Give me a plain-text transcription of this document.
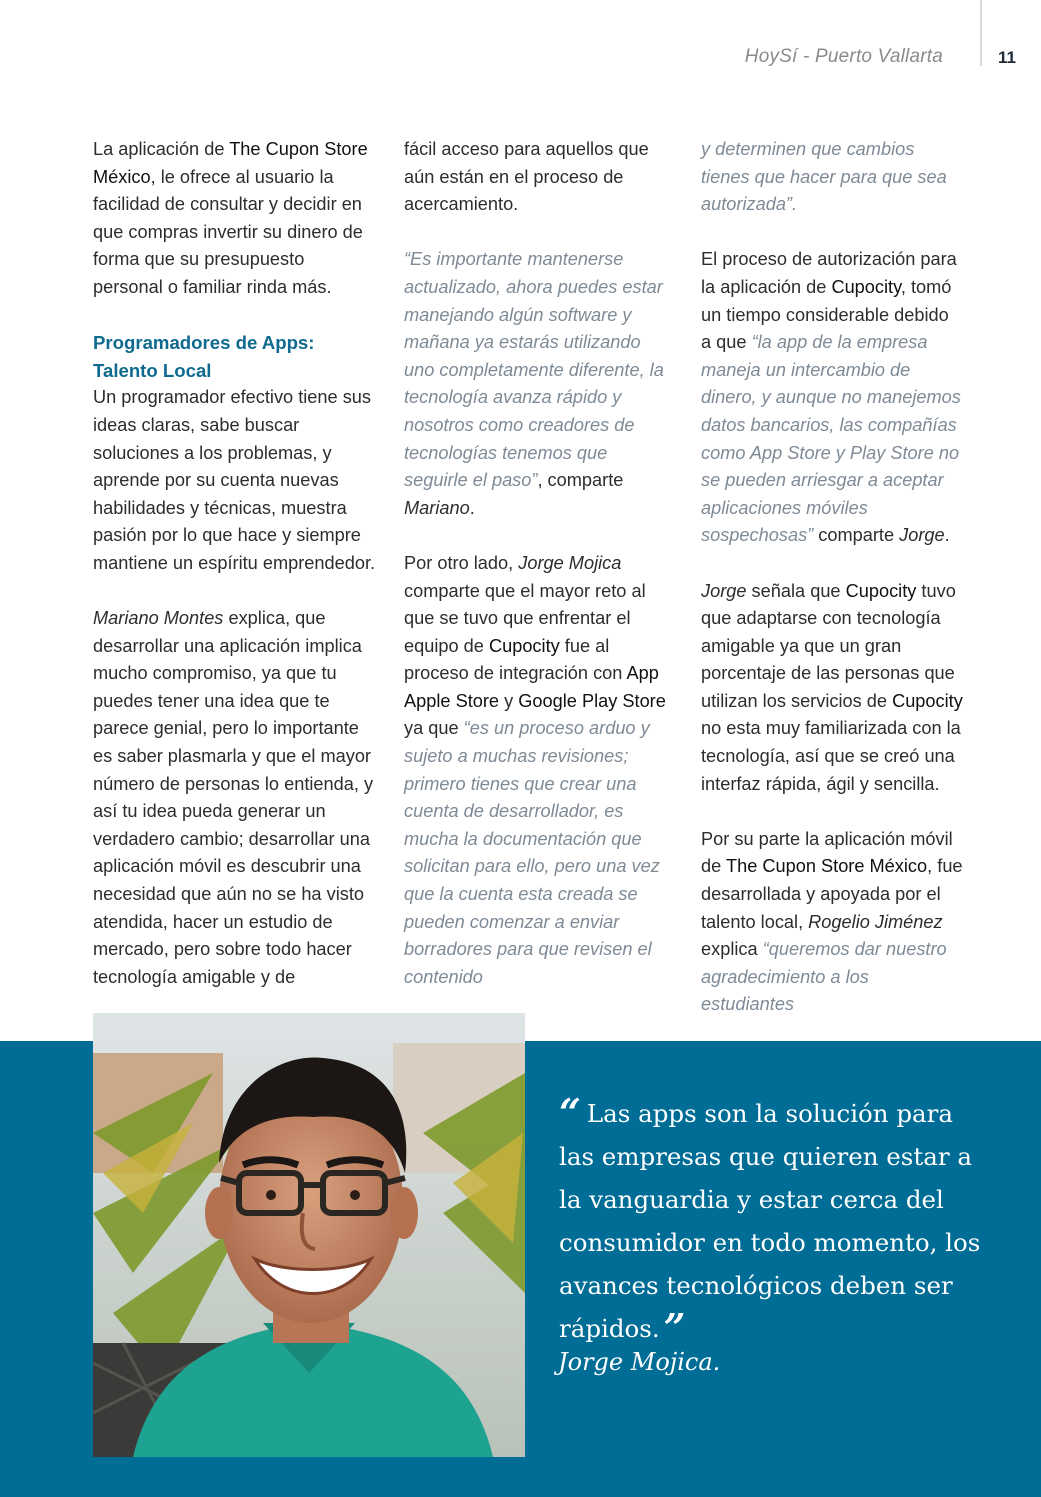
HoySí - Puerto Vallarta	11

La aplicación de The Cupon Store México, le ofrece al usuario la facilidad de consultar y decidir en que compras invertir su dinero de forma que su presupuesto personal o familiar rinda más.

Programadores de Apps:
Talento Local

Un programador efectivo tiene sus ideas claras, sabe buscar soluciones a los problemas, y aprende por su cuenta nuevas habilidades y técnicas, muestra pasión por lo que hace y siempre mantiene un espíritu emprendedor.

Mariano Montes explica, que desarrollar una aplicación implica mucho compromiso, ya que tu puedes tener una idea que te parece genial, pero lo importante es saber plasmarla y que el mayor número de personas lo entienda, y así tu idea pueda generar un verdadero cambio; desarrollar una aplicación móvil es descubrir una necesidad que aún no se ha visto atendida, hacer un estudio de mercado, pero sobre todo hacer tecnología amigable y de

fácil acceso para aquellos que aún están en el proceso de acercamiento.

“Es importante mantenerse actualizado, ahora puedes estar manejando algún software y mañana ya estarás utilizando uno completamente diferente, la tecnología avanza rápido y nosotros como creadores de tecnologías tenemos que seguirle el paso”, comparte Mariano.

Por otro lado, Jorge Mojica comparte que el mayor reto al que se tuvo que enfrentar el equipo de Cupocity fue al proceso de integración con App Apple Store y Google Play Store ya que “es un proceso arduo y sujeto a muchas revisiones; primero tienes que crear una cuenta de desarrollador, es mucha la documentación que solicitan para ello, pero una vez que la cuenta esta creada se pueden comenzar a enviar borradores para que revisen el contenido

y determinen que cambios tienes que hacer para que sea autorizada”.

El proceso de autorización para la aplicación de Cupocity, tomó un tiempo considerable debido a que “la app de la empresa maneja un intercambio de dinero, y aunque no manejemos datos bancarios, las compañías como App Store y Play Store no se pueden arriesgar a aceptar aplicaciones móviles sospechosas” comparte Jorge.

Jorge señala que Cupocity tuvo que adaptarse con tecnología amigable ya que un gran porcentaje de las personas que utilizan los servicios de Cupocity no esta muy familiarizada con la tecnología, así que se creó una interfaz rápida, ágil y sencilla.

Por su parte la aplicación móvil de The Cupon Store México, fue desarrollada y apoyada por el talento local, Rogelio Jiménez explica “queremos dar nuestro agradecimiento a los estudiantes

“ Las apps son la solución para las empresas que quieren estar a la vanguardia y estar cerca del consumidor en todo momento, los avances tecnológicos deben ser rápidos. ”
Jorge Mojica.
